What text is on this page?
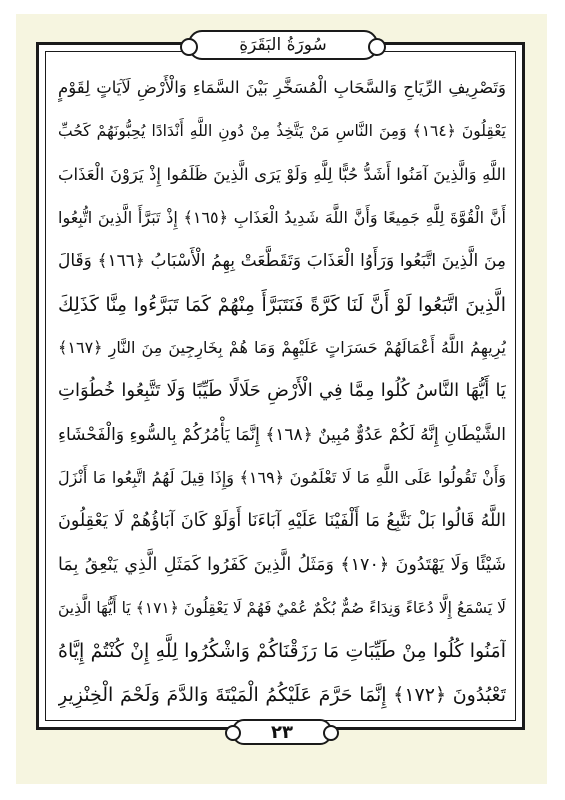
سُورَةُ البَقَرَةِ
وَتَصْرِيفِ الرِّيَاحِ وَالسَّحَابِ الْمُسَخَّرِ بَيْنَ السَّمَاءِ وَالْأَرْضِ لَآيَاتٍ لِقَوْمٍ
يَعْقِلُونَ ﴿١٦٤﴾ وَمِنَ النَّاسِ مَنْ يَتَّخِذُ مِنْ دُونِ اللَّهِ أَنْدَادًا يُحِبُّونَهُمْ كَحُبِّ
اللَّهِ وَالَّذِينَ آمَنُوا أَشَدُّ حُبًّا لِلَّهِ وَلَوْ يَرَى الَّذِينَ ظَلَمُوا إِذْ يَرَوْنَ الْعَذَابَ
أَنَّ الْقُوَّةَ لِلَّهِ جَمِيعًا وَأَنَّ اللَّهَ شَدِيدُ الْعَذَابِ ﴿١٦٥﴾ إِذْ تَبَرَّأَ الَّذِينَ اتُّبِعُوا
مِنَ الَّذِينَ اتَّبَعُوا وَرَأَوُا الْعَذَابَ وَتَقَطَّعَتْ بِهِمُ الْأَسْبَابُ ﴿١٦٦﴾ وَقَالَ
الَّذِينَ اتَّبَعُوا لَوْ أَنَّ لَنَا كَرَّةً فَنَتَبَرَّأَ مِنْهُمْ كَمَا تَبَرَّءُوا مِنَّا كَذَلِكَ
يُرِيهِمُ اللَّهُ أَعْمَالَهُمْ حَسَرَاتٍ عَلَيْهِمْ وَمَا هُمْ بِخَارِجِينَ مِنَ النَّارِ ﴿١٦٧﴾
يَا أَيُّهَا النَّاسُ كُلُوا مِمَّا فِي الْأَرْضِ حَلَالًا طَيِّبًا وَلَا تَتَّبِعُوا خُطُوَاتِ
الشَّيْطَانِ إِنَّهُ لَكُمْ عَدُوٌّ مُبِينٌ ﴿١٦٨﴾ إِنَّمَا يَأْمُرُكُمْ بِالسُّوءِ وَالْفَحْشَاءِ
وَأَنْ تَقُولُوا عَلَى اللَّهِ مَا لَا تَعْلَمُونَ ﴿١٦٩﴾ وَإِذَا قِيلَ لَهُمُ اتَّبِعُوا مَا أَنْزَلَ
اللَّهُ قَالُوا بَلْ نَتَّبِعُ مَا أَلْفَيْنَا عَلَيْهِ آبَاءَنَا أَوَلَوْ كَانَ آبَاؤُهُمْ لَا يَعْقِلُونَ
شَيْئًا وَلَا يَهْتَدُونَ ﴿١٧٠﴾ وَمَثَلُ الَّذِينَ كَفَرُوا كَمَثَلِ الَّذِي يَنْعِقُ بِمَا
لَا يَسْمَعُ إِلَّا دُعَاءً وَنِدَاءً صُمٌّ بُكْمٌ عُمْيٌ فَهُمْ لَا يَعْقِلُونَ ﴿١٧١﴾ يَا أَيُّهَا الَّذِينَ
آمَنُوا كُلُوا مِنْ طَيِّبَاتِ مَا رَزَقْنَاكُمْ وَاشْكُرُوا لِلَّهِ إِنْ كُنْتُمْ إِيَّاهُ
تَعْبُدُونَ ﴿١٧٢﴾ إِنَّمَا حَرَّمَ عَلَيْكُمُ الْمَيْتَةَ وَالدَّمَ وَلَحْمَ الْخِنْزِيرِ
٢٣
